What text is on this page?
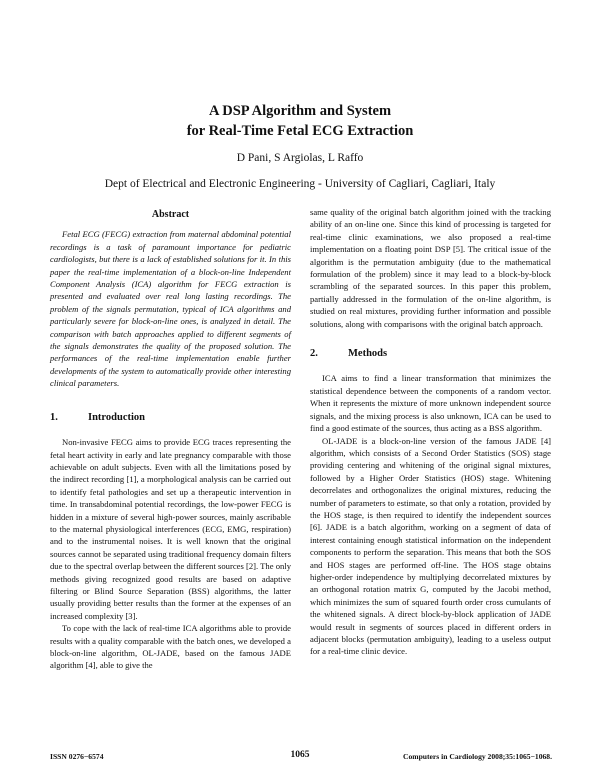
A DSP Algorithm and System
for Real-Time Fetal ECG Extraction
D Pani, S Argiolas, L Raffo
Dept of Electrical and Electronic Engineering - University of Cagliari, Cagliari, Italy
Abstract

Fetal ECG (FECG) extraction from maternal abdominal potential recordings is a task of paramount importance for pediatric cardiologists, but there is a lack of established solutions for it. In this paper the real-time implementation of a block-on-line Independent Component Analysis (ICA) algorithm for FECG extraction is presented and evaluated over real long lasting recordings. The problem of the signals permutation, typical of ICA algorithms and particularly severe for block-on-line ones, is analyzed in detail. The comparison with batch approaches applied to different segments of the signals demonstrates the quality of the proposed solution. The performances of the real-time implementation enable further developments of the system to automatically provide other interesting clinical parameters.

1.	Introduction

Non-invasive FECG aims to provide ECG traces representing the fetal heart activity in early and late pregnancy comparable with those achievable on adult subjects. Even with all the limitations posed by the indirect recording [1], a morphological analysis can be carried out to identify fetal pathologies and set up a therapeutic intervention in time. In transabdominal potential recordings, the low-power FECG is hidden in a mixture of several high-power sources, mainly ascribable to the maternal physiological interferences (ECG, EMG, respiration) and to the instrumental noises. It is well known that the original sources cannot be separated using traditional frequency domain filters due to the spectral overlap between the different sources [2]. The only methods giving recognized good results are based on adaptive filtering or Blind Source Separation (BSS) algorithms, the latter usually providing better results than the former at the expenses of an increased complexity [3].

To cope with the lack of real-time ICA algorithms able to provide results with a quality comparable with the batch ones, we developed a block-on-line algorithm, OL-JADE, based on the famous JADE algorithm [4], able to give the

same quality of the original batch algorithm joined with the tracking ability of an on-line one. Since this kind of processing is targeted for real-time clinic examinations, we also proposed a real-time implementation on a floating point DSP [5]. The critical issue of the algorithm is the permutation ambiguity (due to the mathematical formulation of the problem) since it may lead to a block-by-block scrambling of the separated sources. In this paper this problem, partially addressed in the formulation of the on-line algorithm, is studied on real mixtures, providing further information and possible solutions, along with comparisons with the original batch approach.

2.	Methods

ICA aims to find a linear transformation that minimizes the statistical dependence between the components of a random vector. When it represents the mixture of more unknown independent source signals, and the mixing process is also unknown, ICA can be used to find a good estimate of the sources, thus acting as a BSS algorithm.

OL-JADE is a block-on-line version of the famous JADE [4] algorithm, which consists of a Second Order Statistics (SOS) stage providing centering and whitening of the original signal mixtures, followed by a Higher Order Statistics (HOS) stage. Whitening decorrelates and orthogonalizes the original mixtures, reducing the number of parameters to estimate, so that only a rotation, provided by the HOS stage, is then required to identify the independent sources [6]. JADE is a batch algorithm, working on a segment of data of interest containing enough statistical information on the independent components to perform the separation. This means that both the SOS and HOS stages are performed off-line. The HOS stage obtains higher-order independence by multiplying decorrelated mixtures by an orthogonal rotation matrix G, computed by the Jacobi method, which minimizes the sum of squared fourth order cross cumulants of the whitened signals. A direct block-by-block application of JADE would result in segments of sources placed in different orders in adjacent blocks (permutation ambiguity), leading to a useless output for a real-time clinic device.

ISSN 0276−6574	1065	Computers in Cardiology 2008;35:1065−1068.
